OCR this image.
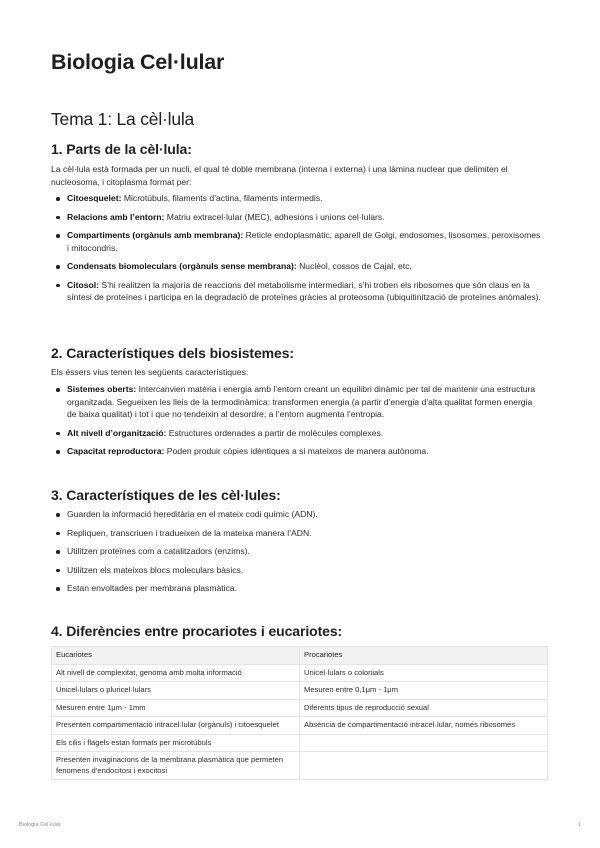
Biologia Cel·lular
Tema 1: La cèl·lula
1. Parts de la cèl·lula:

La cèl·lula està formada per un nucli, el qual té doble membrana (interna i externa) i una làmina nuclear que delimiten el nucleosoma, i citoplasma format per:

Citoesquelet: Microtúbuls, filaments d’actina, filaments intermedis.
Relacions amb l’entorn: Matriu extracel·lular (MEC), adhesions i unions cel·lulars.
Compartiments (orgànuls amb membrana): Reticle endoplasmàtic, aparell de Golgi, endosomes, lisosomes, peroxisomes i mitocondris.
Condensats biomoleculars (orgànuls sense membrana): Nuclèol, cossos de Cajal, etc.
Citosol: S’hi realitzen la majoria de reaccions del metabolisme intermediari, s’hi troben els ribosomes que són claus en la síntesi de proteïnes i participa en la degradació de proteïnes gràcies al proteosoma (ubiquitinització de proteïnes anòmales).
2. Característiques dels biosistemes:

Els éssers vius tenen les següents característiques:

Sistemes oberts: Intercanvien matèria i energia amb l’entorn creant un equilibri dinàmic per tal de mantenir una estructura organitzada. Segueixen les lleis de la termodinàmica: transformen energia (a partir d’energia d’alta qualitat formen energia de baixa qualitat) i tot i que no tendeixin al desordre, a l’entorn augmenta l’entropia.
Alt nivell d’organització: Estructures ordenades a partir de molècules complexes.
Capacitat reproductora: Poden produir còpies idèntiques a si mateixos de manera autònoma.
3. Característiques de les cèl·lules:
Guarden la informació hereditària en el mateix codi químic (ADN).
Repliquen, transcriuen i tradueixen de la mateixa manera l’ADN.
Utilitzen proteïnes com a catalitzadors (enzims).
Utilitzen els mateixos blocs moleculars bàsics.
Estan envoltades per membrana plasmàtica.
4. Diferències entre procariotes i eucariotes:
Eucariotes	Procariotes
Alt nivell de complexitat, genoma amb molta informació	Unicel·lulars o colonials
Unicel·lulars o pluricel·lulars	Mesuren entre 0,1μm - 1μm
Mesuren entre 1μm - 1mm	Diferents tipus de reproducció sexual
Presenten compartimentació intracel·lular (orgànuls) i citoesquelet	Absència de compartimentació intracel·lular, només ribosomes
Els cilis i flagels estan formats per microtúbuls	
Presenten invaginacions de la membrana plasmàtica que permeten fenomens d’endocitosi i exocitosi	
Biologia Cel·lular	1
